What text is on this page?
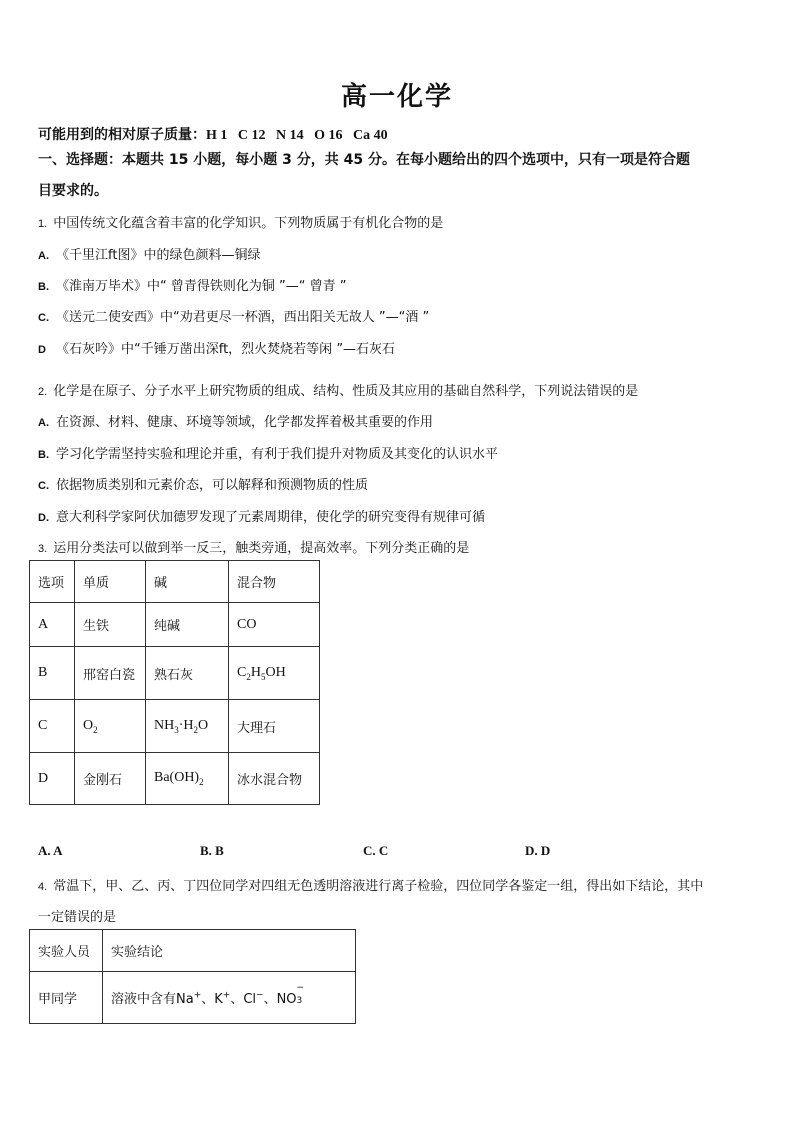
高一化学
可能用到的相对原子质量：H 1   C 12   N 14   O 16   Ca 40
一、选择题：本题共 15 小题，每小题 3 分，共 45 分。在每小题给出的四个选项中，只有一项是符合题
目要求的。
1. 中国传统文化蕴含着丰富的化学知识。下列物质属于有机化合物的是
A. 《千里江ft图》中的绿色颜料—铜绿
B. 《淮南万毕术》中“ 曾青得铁则化为铜 ”—“ 曾青 ”
C. 《送元二使安西》中“劝君更尽一杯酒，西出阳关无故人 ”—“酒 ”
D 《石灰吟》中“千锤万凿出深ft，烈火焚烧若等闲 ”—石灰石
2. 化学是在原子、分子水平上研究物质的组成、结构、性质及其应用的基础自然科学，下列说法错误的是
A. 在资源、材料、健康、环境等领域，化学都发挥着极其重要的作用
B. 学习化学需坚持实验和理论并重，有利于我们提升对物质及其变化的认识水平
C. 依据物质类别和元素价态，可以解释和预测物质的性质
D. 意大利科学家阿伏加德罗发现了元素周期律，使化学的研究变得有规律可循
3. 运用分类法可以做到举一反三，触类旁通，提高效率。下列分类正确的是
选项	单质	碱	混合物
A	生铁	纯碱	CO
B	邢窑白瓷	熟石灰	$C_2H_5OH$
C	$O_2$	$NH_3\cdot H_2O$	大理石
D	金刚石	$Ba(OH)_2$	冰水混合物
A. A	B. B	C. C	D. D
4. 常温下，甲、乙、丙、丁四位同学对四组无色透明溶液进行离子检验，四位同学各鉴定一组，得出如下结论，其中
一定错误的是
实验人员	实验结论
甲同学	溶液中含有Na+、K+、Cl−、NO
−
3
